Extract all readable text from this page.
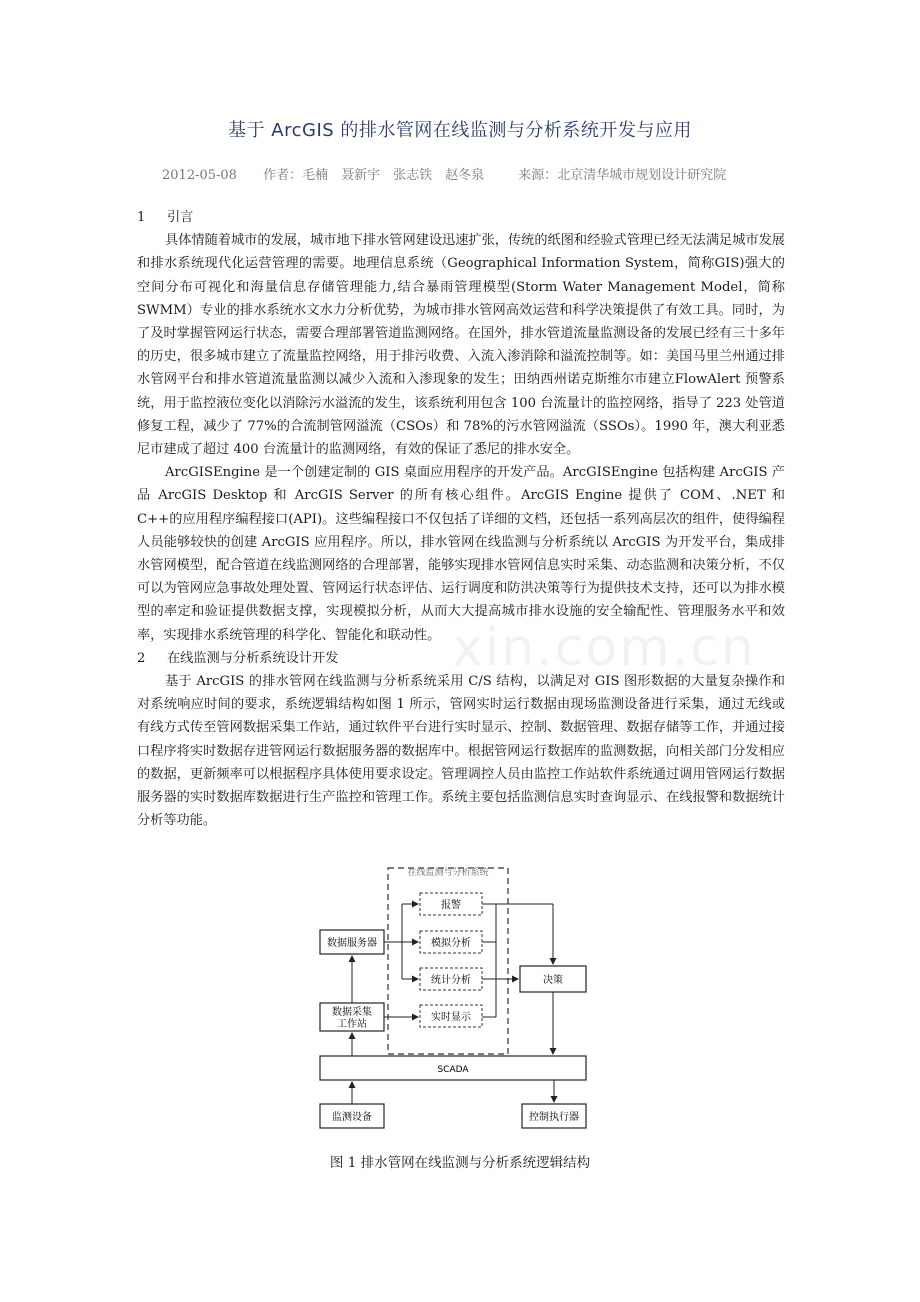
基于 ArcGIS 的排水管网在线监测与分析系统开发与应用
2012-05-08 作者：毛楠　聂新宇　张志铁　赵冬泉	来源：北京清华城市规划设计研究院

1 引言

具体情随着城市的发展，城市地下排水管网建设迅速扩张，传统的纸图和经验式管理已经无法满足城市发展和排水系统现代化运营管理的需要。地理信息系统（Geographical Information System，简称GIS)强大的空间分布可视化和海量信息存储管理能力,结合暴雨管理模型(Storm Water Management Model，简称 SWMM）专业的排水系统水文水力分析优势，为城市排水管网高效运营和科学决策提供了有效工具。同时，为了及时掌握管网运行状态，需要合理部署管道监测网络。在国外，排水管道流量监测设备的发展已经有三十多年的历史，很多城市建立了流量监控网络，用于排污收费、入流入渗消除和溢流控制等。如：美国马里兰州通过排水管网平台和排水管道流量监测以减少入流和入渗现象的发生；田纳西州诺克斯维尔市建立FlowAlert 预警系统，用于监控液位变化以消除污水溢流的发生，该系统利用包含 100 台流量计的监控网络，指导了 223 处管道修复工程，减少了 77%的合流制管网溢流（CSOs）和 78%的污水管网溢流（SSOs）。1990 年，澳大利亚悉尼市建成了超过 400 台流量计的监测网络，有效的保证了悉尼的排水安全。

ArcGISEngine 是一个创建定制的 GIS 桌面应用程序的开发产品。ArcGISEngine 包括构建 ArcGIS 产品 ArcGIS Desktop 和 ArcGIS Server 的所有核心组件。ArcGIS Engine 提供了 COM、.NET 和 C++的应用程序编程接口(API)。这些编程接口不仅包括了详细的文档，还包括一系列高层次的组件，使得编程人员能够较快的创建 ArcGIS 应用程序。所以，排水管网在线监测与分析系统以 ArcGIS 为开发平台，集成排水管网模型，配合管道在线监测网络的合理部署，能够实现排水管网信息实时采集、动态监测和决策分析，不仅可以为管网应急事故处理处置、管网运行状态评估、运行调度和防洪决策等行为提供技术支持，还可以为排水模型的率定和验证提供数据支撑，实现模拟分析，从而大大提高城市排水设施的安全输配性、管理服务水平和效率，实现排水系统管理的科学化、智能化和联动性。

2 在线监测与分析系统设计开发

基于 ArcGIS 的排水管网在线监测与分析系统采用 C/S 结构，以满足对 GIS 图形数据的大量复杂操作和对系统响应时间的要求，系统逻辑结构如图 1 所示，管网实时运行数据由现场监测设备进行采集，通过无线或有线方式传至管网数据采集工作站，通过软件平台进行实时显示、控制、数据管理、数据存储等工作，并通过接口程序将实时数据存进管网运行数据服务器的数据库中。根据管网运行数据库的监测数据，向相关部门分发相应的数据，更新频率可以根据程序具体使用要求设定。管理调控人员由监控工作站软件系统通过调用管网运行数据服务器的实时数据库数据进行生产监控和管理工作。系统主要包括监测信息实时查询显示、在线报警和数据统计分析等功能。

xin.com.cn
在线监测与分析系统
报警
模拟分析
统计分析
实时显示
数据服务器
数据采集
工作站
决策
SCADA
监测设备	控制执行器
图 1 排水管网在线监测与分析系统逻辑结构
